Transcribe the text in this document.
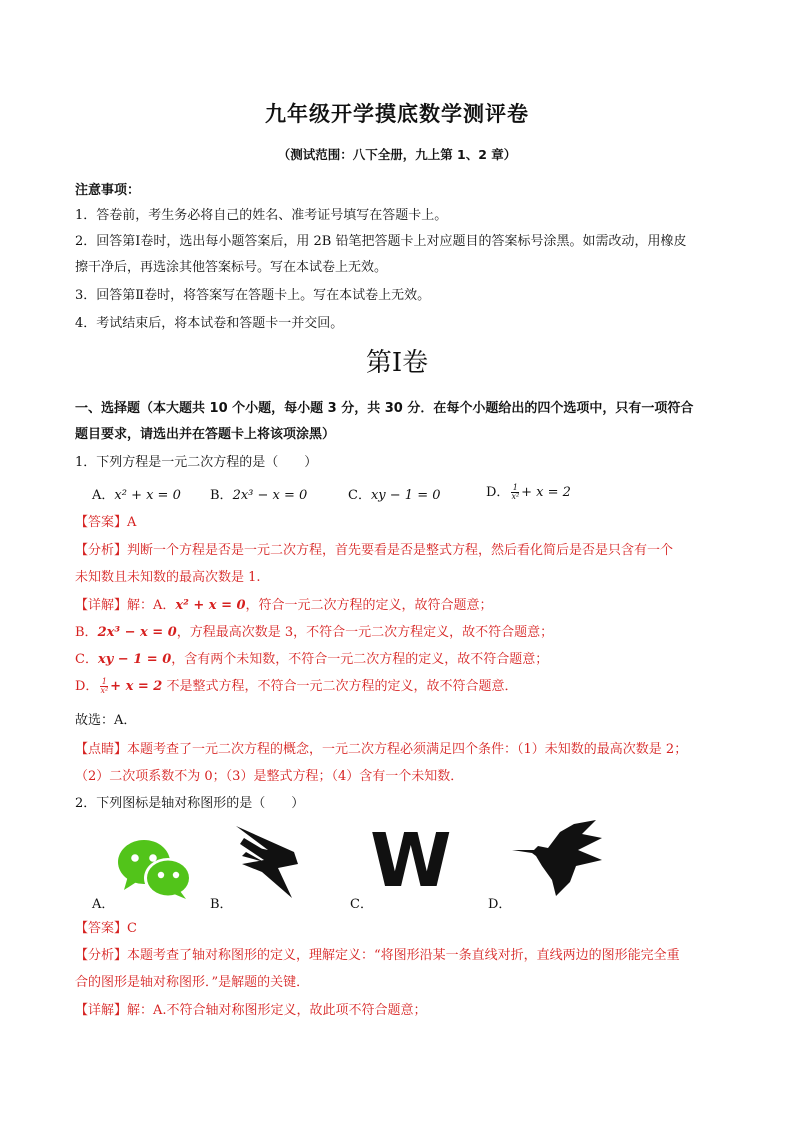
九年级开学摸底数学测评卷
（测试范围：八下全册，九上第 1、2 章）
注意事项：
1．答卷前，考生务必将自己的姓名、准考证号填写在答题卡上。
2．回答第Ⅰ卷时，选出每小题答案后，用 2B 铅笔把答题卡上对应题目的答案标号涂黑。如需改动，用橡皮
擦干净后，再选涂其他答案标号。写在本试卷上无效。
3．回答第Ⅱ卷时，将答案写在答题卡上。写在本试卷上无效。
4．考试结束后，将本试卷和答题卡一并交回。
第I卷
一、选择题（本大题共 10 个小题，每小题 3 分，共 30 分．在每个小题给出的四个选项中，只有一项符合
题目要求，请选出并在答题卡上将该项涂黑）
1．下列方程是一元二次方程的是（　　）
A．x² + x = 0 B．2x³ − x = 0	C．xy − 1 = 0	D． $\frac{1}{\text{x²}} + x = 2$
【答案】A
【分析】判断一个方程是否是一元二次方程，首先要看是否是整式方程，然后看化简后是否是只含有一个
未知数且未知数的最高次数是 1.
【详解】解：A．x² + x = 0，符合一元二次方程的定义，故符合题意；
B．2x³ − x = 0，方程最高次数是 3，不符合一元二次方程定义，故不符合题意；
C．xy − 1 = 0，含有两个未知数，不符合一元二次方程的定义，故不符合题意；
D． $\frac{1}{\text{x²}} + x = 2$ 不是整式方程，不符合一元二次方程的定义，故不符合题意．
故选：A．
【点睛】本题考查了一元二次方程的概念，一元二次方程必须满足四个条件：（1）未知数的最高次数是 2；
（2）二次项系数不为 0；（3）是整式方程；（4）含有一个未知数．
2．下列图标是轴对称图形的是（　　）
A．	B．
W
C．	D．
【答案】C
【分析】本题考查了轴对称图形的定义，理解定义：“将图形沿某一条直线对折，直线两边的图形能完全重
合的图形是轴对称图形．”是解题的关键．
【详解】解：A.不符合轴对称图形定义，故此项不符合题意；
